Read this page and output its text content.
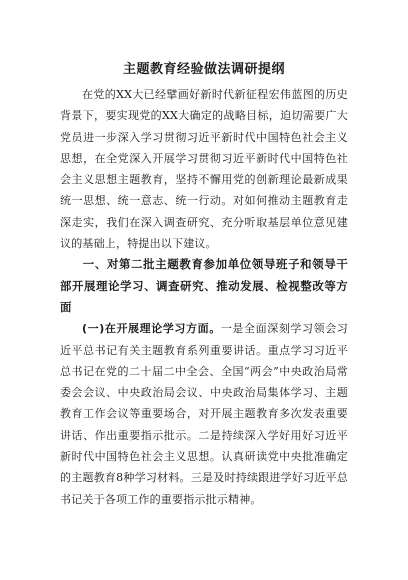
主题教育经验做法调研提纲

在党的XX大已经擘画好新时代新征程宏伟蓝图的历史背景下，要实现党的XX大确定的战略目标，迫切需要广大党员进一步深入学习贯彻习近平新时代中国特色社会主义思想，在全党深入开展学习贯彻习近平新时代中国特色社会主义思想主题教育，坚持不懈用党的创新理论最新成果统一思想、统一意志、统一行动。对如何推动主题教育走深走实，我们在深入调查研究、充分听取基层单位意见建议的基础上，特提出以下建议。

一、对第二批主题教育参加单位领导班子和领导干部开展理论学习、调查研究、推动发展、检视整改等方面

(一)在开展理论学习方面。一是全面深刻学习领会习近平总书记有关主题教育系列重要讲话。重点学习习近平总书记在党的二十届二中全会、全国“两会”中央政治局常委会会议、中央政治局会议、中央政治局集体学习、主题教育工作会议等重要场合，对开展主题教育多次发表重要讲话、作出重要指示批示。二是持续深入学好用好习近平新时代中国特色社会主义思想。认真研读党中央批准确定的主题教育8种学习材料。三是及时持续跟进学好习近平总书记关于各项工作的重要指示批示精神。
